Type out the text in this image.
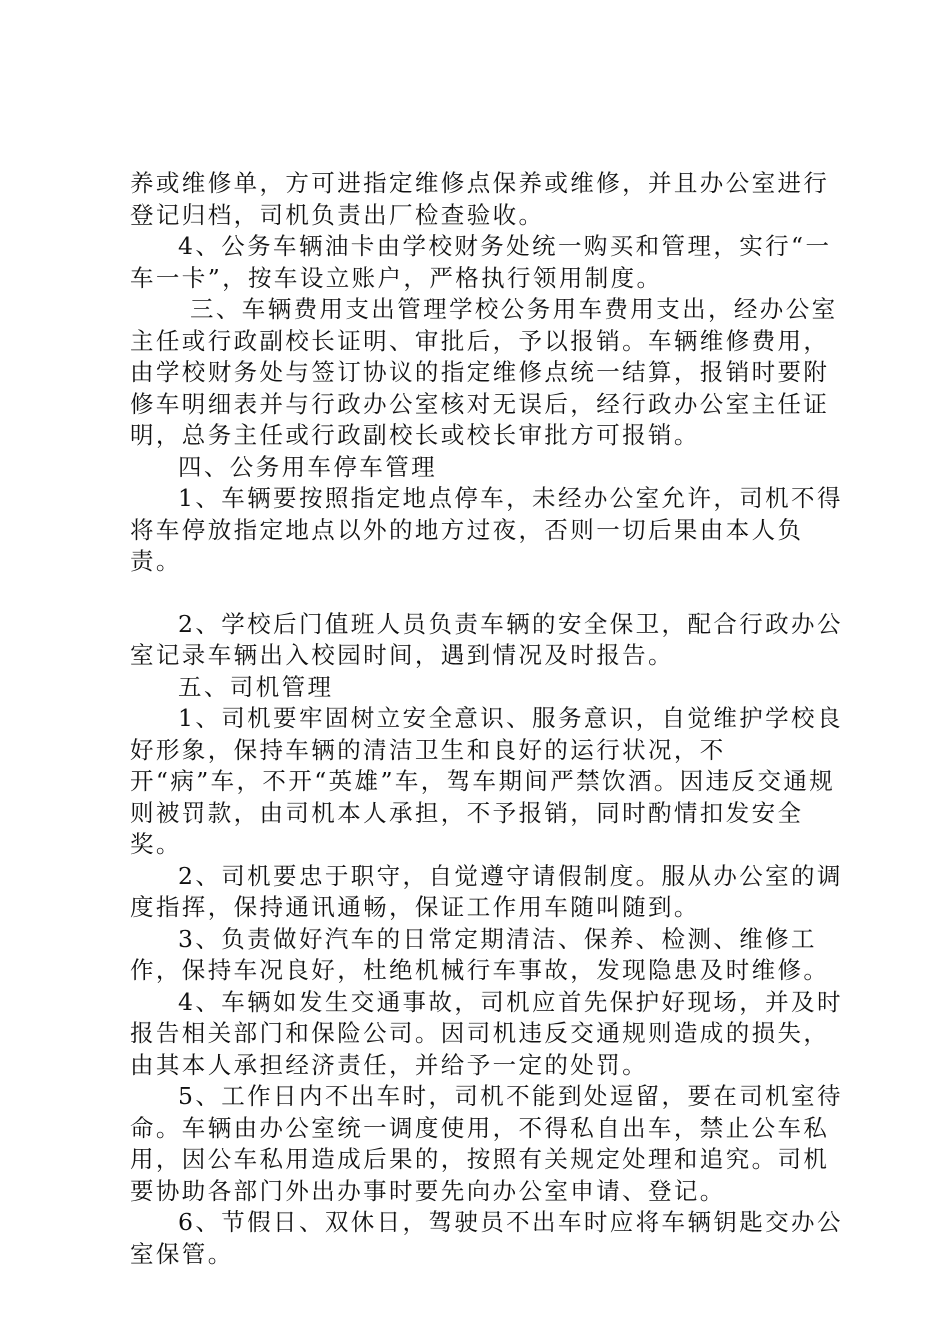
养或维修单，方可进指定维修点保养或维修，并且办公室进行登记归档，司机负责出厂检查验收。

4、公务车辆油卡由学校财务处统一购买和管理，实行“一车一卡”，按车设立账户，严格执行领用制度。

三、车辆费用支出管理学校公务用车费用支出，经办公室主任或行政副校长证明、审批后，予以报销。车辆维修费用，由学校财务处与签订协议的指定维修点统一结算，报销时要附修车明细表并与行政办公室核对无误后，经行政办公室主任证明，总务主任或行政副校长或校长审批方可报销。

四、公务用车停车管理

1、车辆要按照指定地点停车，未经办公室允许，司机不得将车停放指定地点以外的地方过夜，否则一切后果由本人负责。

2、学校后门值班人员负责车辆的安全保卫，配合行政办公室记录车辆出入校园时间，遇到情况及时报告。

五、司机管理

1、司机要牢固树立安全意识、服务意识，自觉维护学校良好形象，保持车辆的清洁卫生和良好的运行状况，不开“病”车，不开“英雄”车，驾车期间严禁饮酒。因违反交通规则被罚款，由司机本人承担，不予报销，同时酌情扣发安全奖。

2、司机要忠于职守，自觉遵守请假制度。服从办公室的调度指挥，保持通讯通畅，保证工作用车随叫随到。

3、负责做好汽车的日常定期清洁、保养、检测、维修工作，保持车况良好，杜绝机械行车事故，发现隐患及时维修。

4、车辆如发生交通事故，司机应首先保护好现场，并及时报告相关部门和保险公司。因司机违反交通规则造成的损失，由其本人承担经济责任，并给予一定的处罚。

5、工作日内不出车时，司机不能到处逗留，要在司机室待命。车辆由办公室统一调度使用，不得私自出车，禁止公车私用，因公车私用造成后果的，按照有关规定处理和追究。司机要协助各部门外出办事时要先向办公室申请、登记。

6、节假日、双休日，驾驶员不出车时应将车辆钥匙交办公室保管。
